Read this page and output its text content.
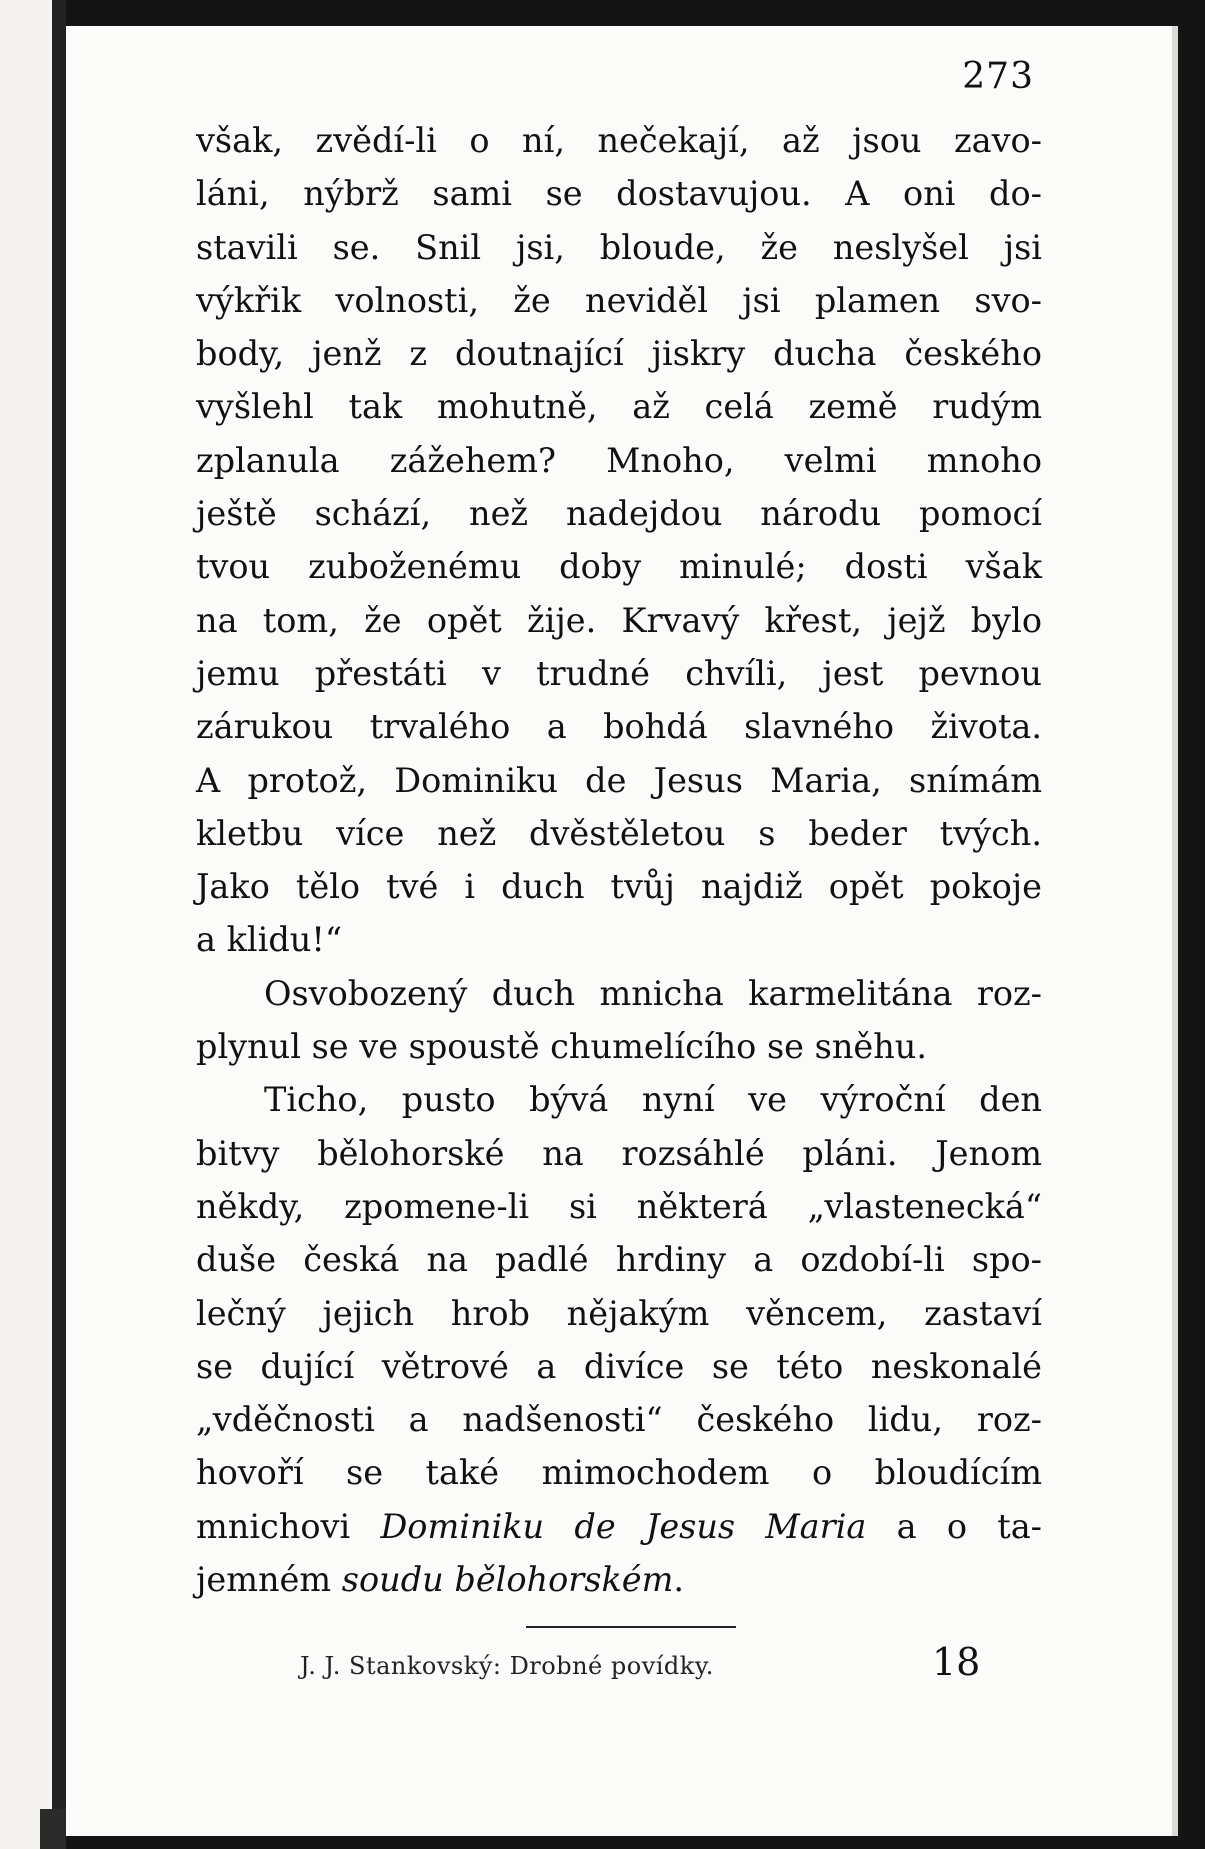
273
však, zvědí-li o ní, nečekají, až jsou zavo-
láni, nýbrž sami se dostavujou. A oni do-
stavili se. Snil jsi, bloude, že neslyšel jsi
výkřik volnosti, že neviděl jsi plamen svo-
body, jenž z doutnající jiskry ducha českého
vyšlehl tak mohutně, až celá země rudým
zplanula zážehem? Mnoho, velmi mnoho
ještě schází, než nadejdou národu pomocí
tvou zuboženému doby minulé; dosti však
na tom, že opět žije. Krvavý křest, jejž bylo
jemu přestáti v trudné chvíli, jest pevnou
zárukou trvalého a bohdá slavného života.
A protož, Dominiku de Jesus Maria, snímám
kletbu více než dvěstěletou s beder tvých.
Jako tělo tvé i duch tvůj najdiž opět pokoje
a klidu!“
Osvobozený duch mnicha karmelitána roz-
plynul se ve spoustě chumelícího se sněhu.
Ticho, pusto bývá nyní ve výroční den
bitvy bělohorské na rozsáhlé pláni. Jenom
někdy, zpomene-li si některá „vlastenecká“
duše česká na padlé hrdiny a ozdobí-li spo-
lečný jejich hrob nějakým věncem, zastaví
se dující větrové a divíce se této neskonalé
„vděčnosti a nadšenosti“ českého lidu, roz-
hovoří se také mimochodem o bloudícím
mnichovi Dominiku de Jesus Maria a o ta-
jemném soudu bělohorském.
J. J. Stankovský: Drobné povídky.	18
